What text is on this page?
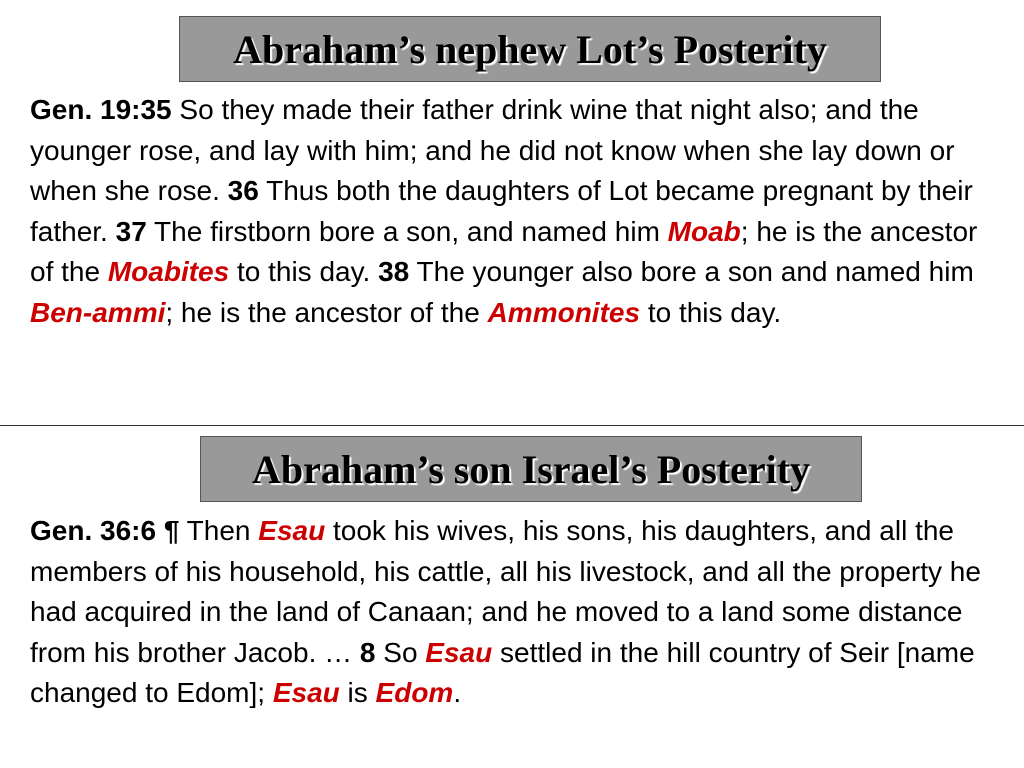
Abraham’s nephew Lot’s Posterity
Gen. 19:35 So they made their father drink wine that night also; and the younger rose, and lay with him; and he did not know when she lay down or when she rose. 36 Thus both the daughters of Lot became pregnant by their father. 37 The firstborn bore a son, and named him Moab; he is the ancestor of the Moabites to this day. 38 The younger also bore a son and named him Ben-ammi; he is the ancestor of the Ammonites to this day.
Abraham’s son Israel’s Posterity
Gen. 36:6 ¶ Then Esau took his wives, his sons, his daughters, and all the members of his household, his cattle, all his livestock, and all the property he had acquired in the land of Canaan; and he moved to a land some distance from his brother Jacob. … 8 So Esau settled in the hill country of Seir [name changed to Edom]; Esau is Edom.
